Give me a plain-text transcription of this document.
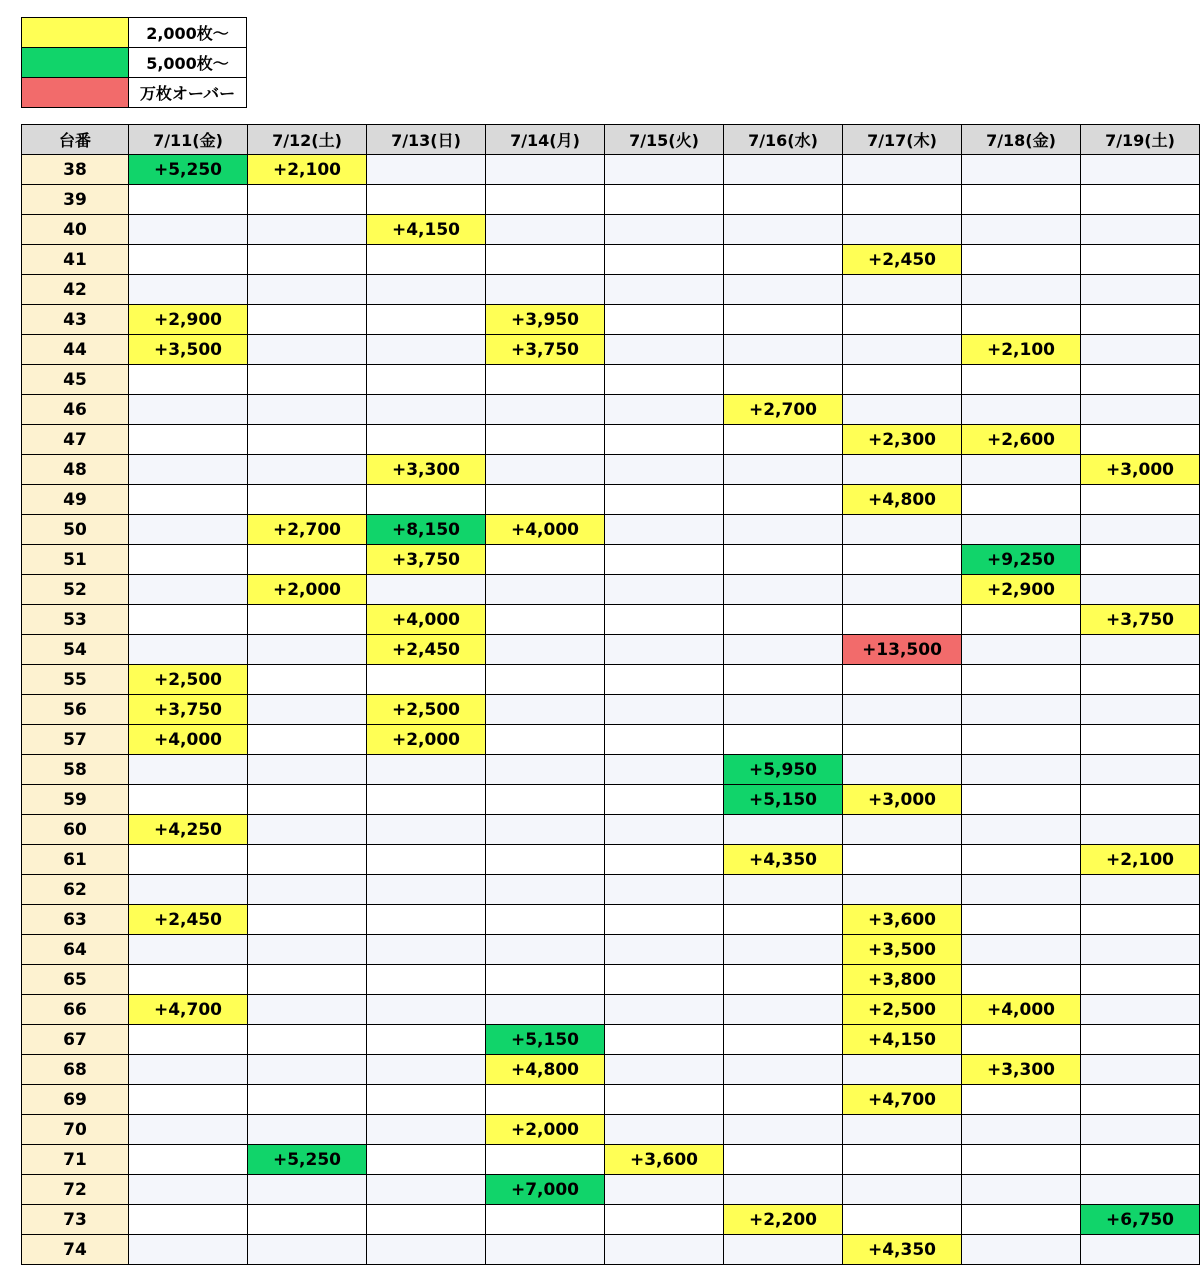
	2,000枚～
	5,000枚～
	万枚オーバー
台番	7/11(金)	7/12(土)	7/13(日)	7/14(月)	7/15(火)	7/16(水)	7/17(木)	7/18(金)	7/19(土)
38	+5,250	+2,100							
39									
40			+4,150						
41							+2,450		
42									
43	+2,900			+3,950					
44	+3,500			+3,750				+2,100	
45									
46						+2,700			
47							+2,300	+2,600	
48			+3,300						+3,000
49							+4,800		
50		+2,700	+8,150	+4,000					
51			+3,750					+9,250	
52		+2,000						+2,900	
53			+4,000						+3,750
54			+2,450				+13,500		
55	+2,500								
56	+3,750		+2,500						
57	+4,000		+2,000						
58						+5,950			
59						+5,150	+3,000		
60	+4,250								
61						+4,350			+2,100
62									
63	+2,450						+3,600		
64							+3,500		
65							+3,800		
66	+4,700						+2,500	+4,000	
67				+5,150			+4,150		
68				+4,800				+3,300	
69							+4,700		
70				+2,000					
71		+5,250			+3,600				
72				+7,000					
73						+2,200			+6,750
74							+4,350		
